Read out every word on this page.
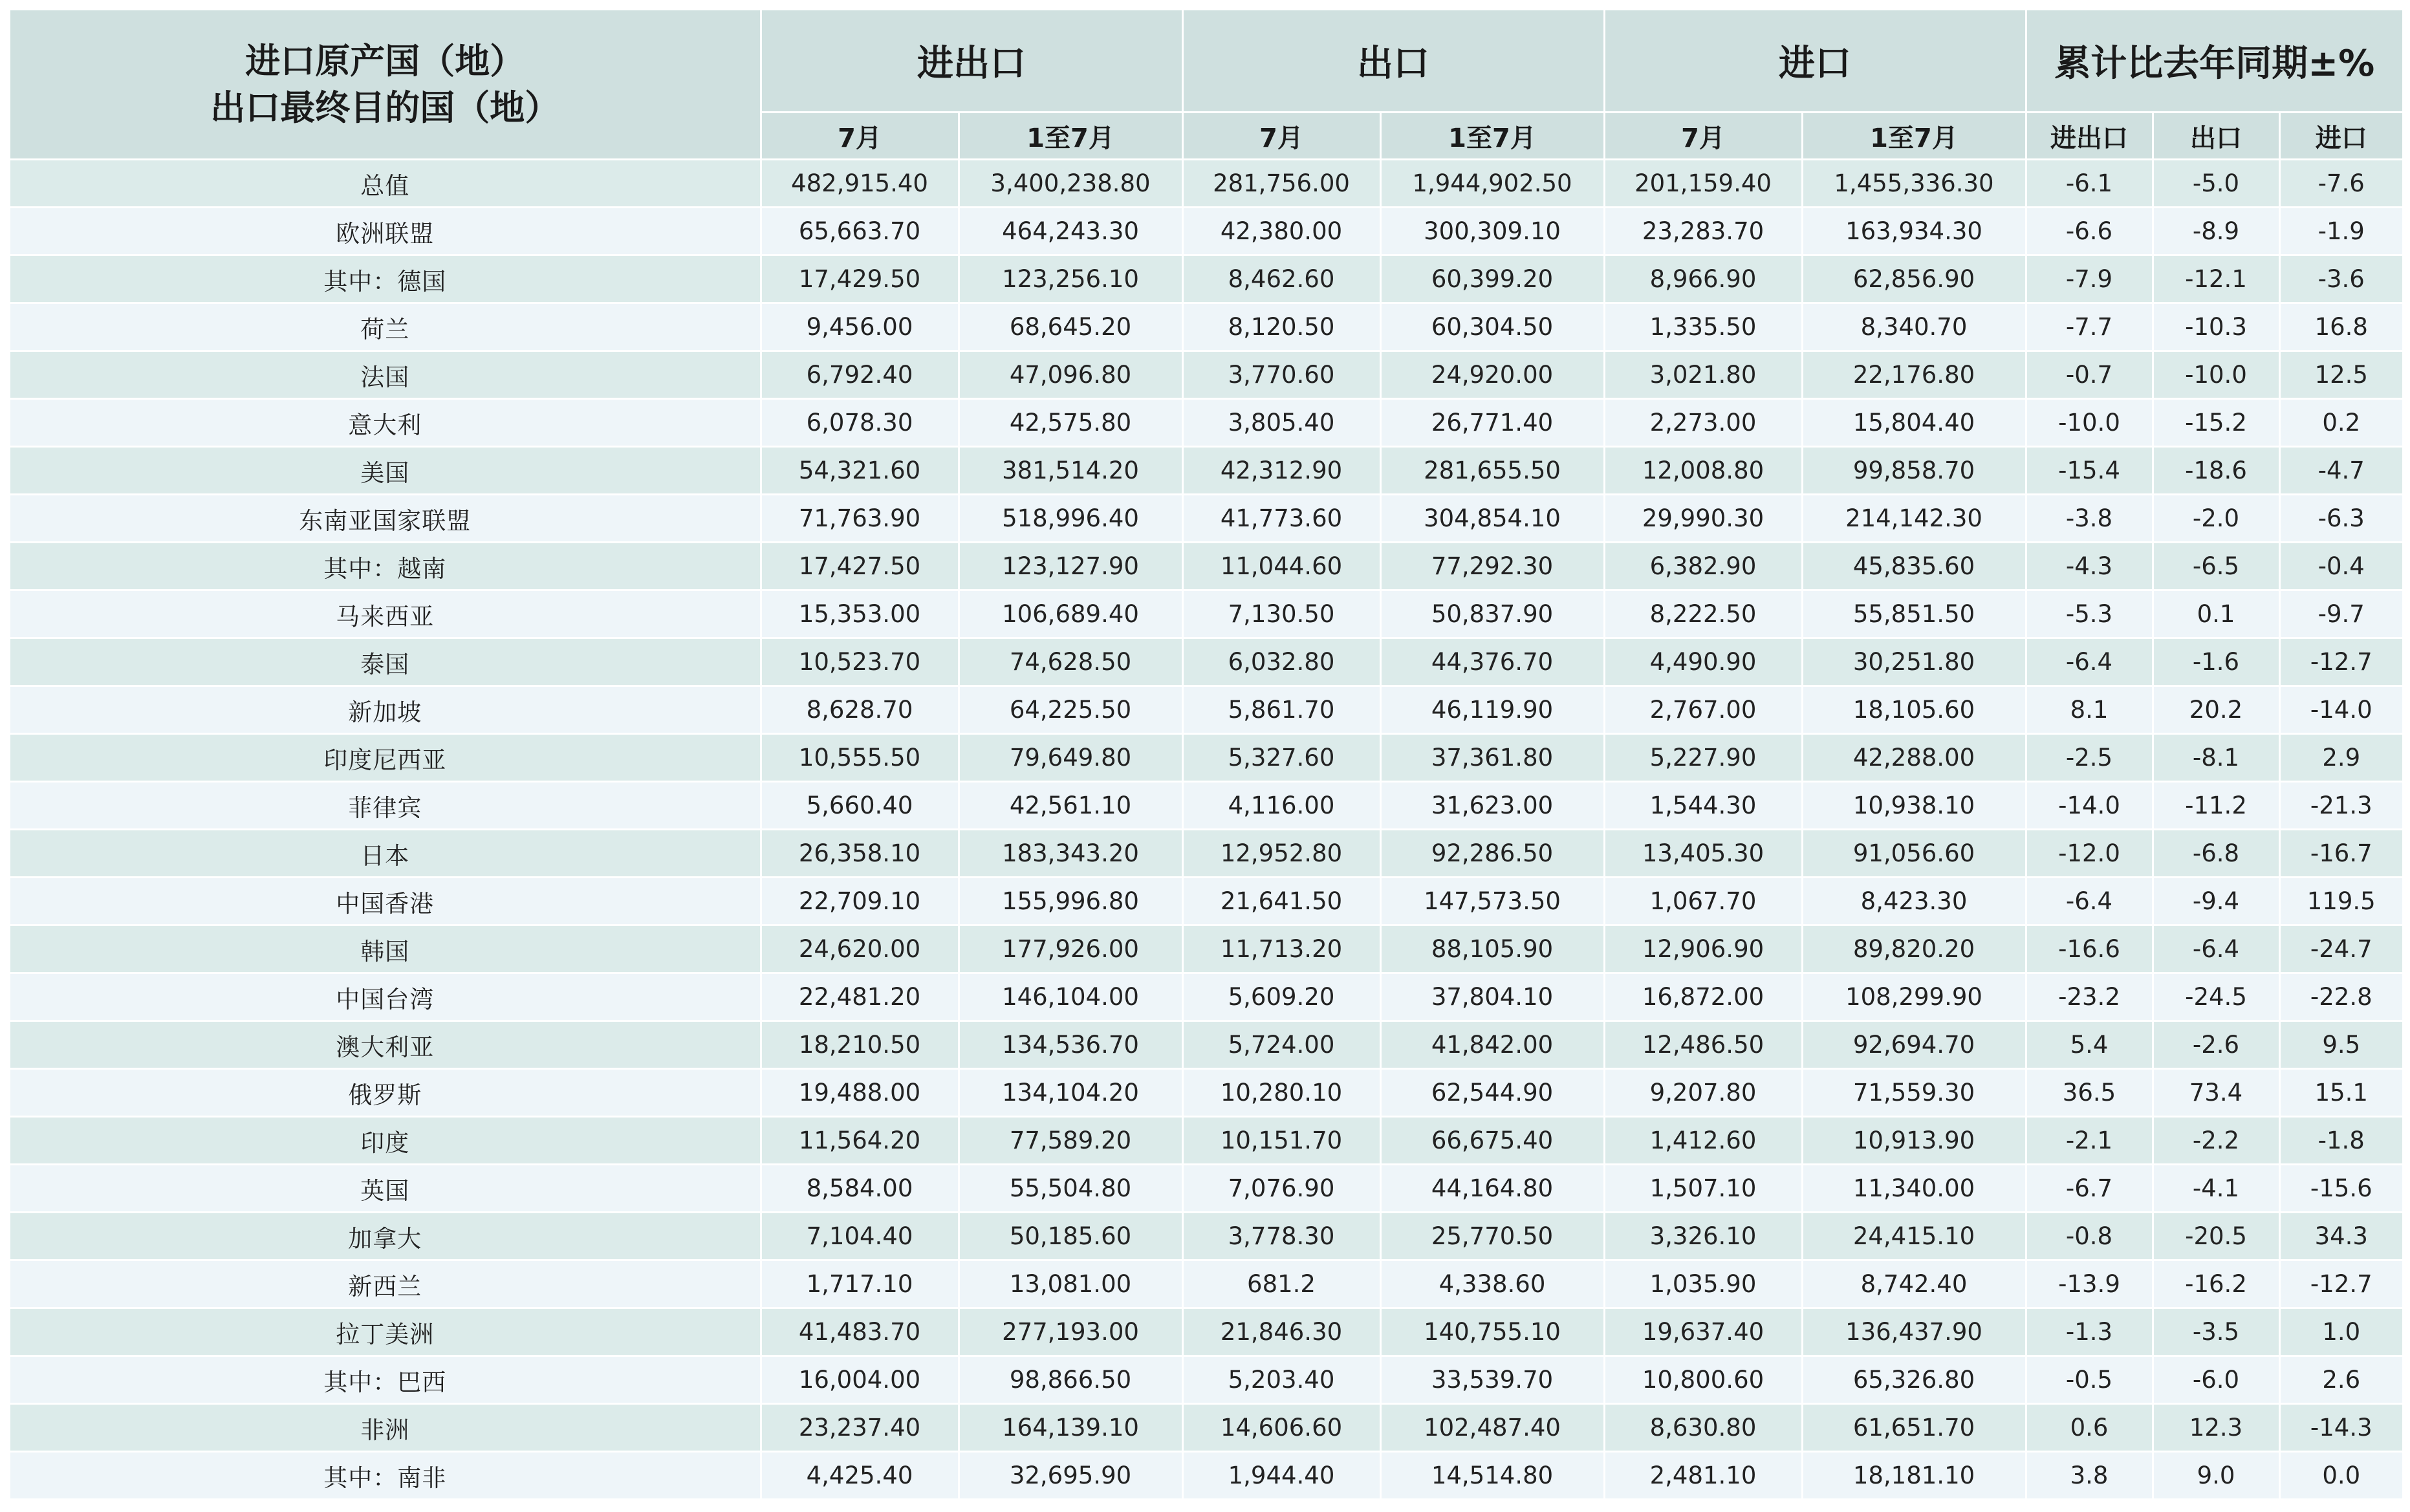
进口原产国（地）
出口最终目的国（地）	进出口		出口		进口		累计比去年同期±%		
	7月	1至7月	7月	1至7月	7月	1至7月	进出口	出口	进口
总值	482,915.40	3,400,238.80	281,756.00	1,944,902.50	201,159.40	1,455,336.30	-6.1	-5.0	-7.6
欧洲联盟	65,663.70	464,243.30	42,380.00	300,309.10	23,283.70	163,934.30	-6.6	-8.9	-1.9
其中：德国	17,429.50	123,256.10	8,462.60	60,399.20	8,966.90	62,856.90	-7.9	-12.1	-3.6
荷兰	9,456.00	68,645.20	8,120.50	60,304.50	1,335.50	8,340.70	-7.7	-10.3	16.8
法国	6,792.40	47,096.80	3,770.60	24,920.00	3,021.80	22,176.80	-0.7	-10.0	12.5
意大利	6,078.30	42,575.80	3,805.40	26,771.40	2,273.00	15,804.40	-10.0	-15.2	0.2
美国	54,321.60	381,514.20	42,312.90	281,655.50	12,008.80	99,858.70	-15.4	-18.6	-4.7
东南亚国家联盟	71,763.90	518,996.40	41,773.60	304,854.10	29,990.30	214,142.30	-3.8	-2.0	-6.3
其中：越南	17,427.50	123,127.90	11,044.60	77,292.30	6,382.90	45,835.60	-4.3	-6.5	-0.4
马来西亚	15,353.00	106,689.40	7,130.50	50,837.90	8,222.50	55,851.50	-5.3	0.1	-9.7
泰国	10,523.70	74,628.50	6,032.80	44,376.70	4,490.90	30,251.80	-6.4	-1.6	-12.7
新加坡	8,628.70	64,225.50	5,861.70	46,119.90	2,767.00	18,105.60	8.1	20.2	-14.0
印度尼西亚	10,555.50	79,649.80	5,327.60	37,361.80	5,227.90	42,288.00	-2.5	-8.1	2.9
菲律宾	5,660.40	42,561.10	4,116.00	31,623.00	1,544.30	10,938.10	-14.0	-11.2	-21.3
日本	26,358.10	183,343.20	12,952.80	92,286.50	13,405.30	91,056.60	-12.0	-6.8	-16.7
中国香港	22,709.10	155,996.80	21,641.50	147,573.50	1,067.70	8,423.30	-6.4	-9.4	119.5
韩国	24,620.00	177,926.00	11,713.20	88,105.90	12,906.90	89,820.20	-16.6	-6.4	-24.7
中国台湾	22,481.20	146,104.00	5,609.20	37,804.10	16,872.00	108,299.90	-23.2	-24.5	-22.8
澳大利亚	18,210.50	134,536.70	5,724.00	41,842.00	12,486.50	92,694.70	5.4	-2.6	9.5
俄罗斯	19,488.00	134,104.20	10,280.10	62,544.90	9,207.80	71,559.30	36.5	73.4	15.1
印度	11,564.20	77,589.20	10,151.70	66,675.40	1,412.60	10,913.90	-2.1	-2.2	-1.8
英国	8,584.00	55,504.80	7,076.90	44,164.80	1,507.10	11,340.00	-6.7	-4.1	-15.6
加拿大	7,104.40	50,185.60	3,778.30	25,770.50	3,326.10	24,415.10	-0.8	-20.5	34.3
新西兰	1,717.10	13,081.00	681.2	4,338.60	1,035.90	8,742.40	-13.9	-16.2	-12.7
拉丁美洲	41,483.70	277,193.00	21,846.30	140,755.10	19,637.40	136,437.90	-1.3	-3.5	1.0
其中：巴西	16,004.00	98,866.50	5,203.40	33,539.70	10,800.60	65,326.80	-0.5	-6.0	2.6
非洲	23,237.40	164,139.10	14,606.60	102,487.40	8,630.80	61,651.70	0.6	12.3	-14.3
其中：南非	4,425.40	32,695.90	1,944.40	14,514.80	2,481.10	18,181.10	3.8	9.0	0.0
